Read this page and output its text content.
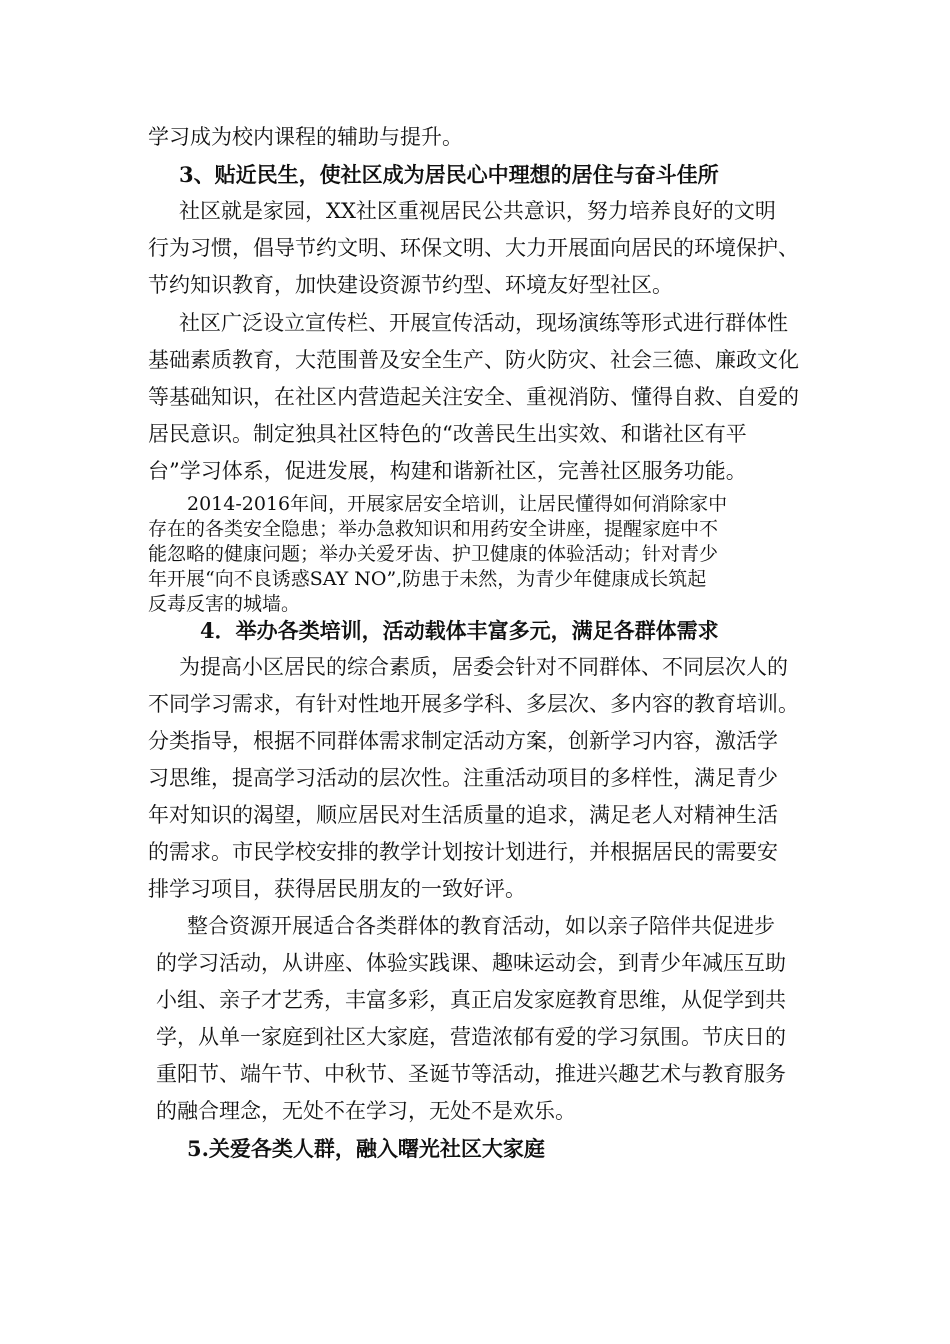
学习成为校内课程的辅助与提升。
3、贴近民生，使社区成为居民心中理想的居住与奋斗佳所
社区就是家园，XX社区重视居民公共意识，努力培养良好的文明
行为习惯，倡导节约文明、环保文明、大力开展面向居民的环境保护、
节约知识教育，加快建设资源节约型、环境友好型社区。
社区广泛设立宣传栏、开展宣传活动，现场演练等形式进行群体性
基础素质教育，大范围普及安全生产、防火防灾、社会三德、廉政文化
等基础知识，在社区内营造起关注安全、重视消防、懂得自救、自爱的
居民意识。制定独具社区特色的“改善民生出实效、和谐社区有平
台”学习体系，促进发展，构建和谐新社区，完善社区服务功能。
2014-2016年间，开展家居安全培训，让居民懂得如何消除家中
存在的各类安全隐患；举办急救知识和用药安全讲座，提醒家庭中不
能忽略的健康问题；举办关爱牙齿、护卫健康的体验活动；针对青少
年开展“向不良诱惑SAY NO”,防患于未然，为青少年健康成长筑起
反毒反害的城墙。
4．举办各类培训，活动载体丰富多元，满足各群体需求
为提高小区居民的综合素质，居委会针对不同群体、不同层次人的
不同学习需求，有针对性地开展多学科、多层次、多内容的教育培训。
分类指导，根据不同群体需求制定活动方案，创新学习内容，激活学
习思维，提高学习活动的层次性。注重活动项目的多样性，满足青少
年对知识的渴望，顺应居民对生活质量的追求，满足老人对精神生活
的需求。市民学校安排的教学计划按计划进行，并根据居民的需要安
排学习项目，获得居民朋友的一致好评。
整合资源开展适合各类群体的教育活动，如以亲子陪伴共促进步
的学习活动，从讲座、体验实践课、趣味运动会，到青少年减压互助
小组、亲子才艺秀，丰富多彩，真正启发家庭教育思维，从促学到共
学，从单一家庭到社区大家庭，营造浓郁有爱的学习氛围。节庆日的
重阳节、端午节、中秋节、圣诞节等活动，推进兴趣艺术与教育服务
的融合理念，无处不在学习，无处不是欢乐。
5.关爱各类人群，融入曙光社区大家庭
